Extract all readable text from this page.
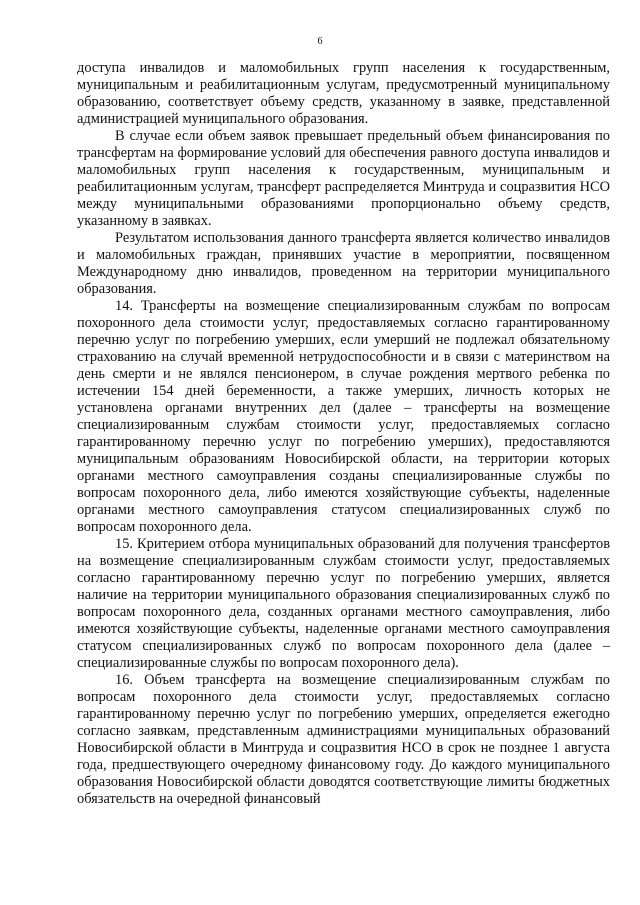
6

доступа инвалидов и маломобильных групп населения к государственным, муниципальным и реабилитационным услугам, предусмотренный муниципальному образованию, соответствует объему средств, указанному в заявке, представленной администрацией муниципального образования.

В случае если объем заявок превышает предельный объем финансирования по трансфертам на формирование условий для обеспечения равного доступа инвалидов и маломобильных групп населения к государственным, муниципальным и реабилитационным услугам, трансферт распределяется Минтруда и соцразвития НСО между муниципальными образованиями пропорционально объему средств, указанному в заявках.

Результатом использования данного трансферта является количество инвалидов и маломобильных граждан, принявших участие в мероприятии, посвященном Международному дню инвалидов, проведенном на территории муниципального образования.

14. Трансферты на возмещение специализированным службам по вопросам похоронного дела стоимости услуг, предоставляемых согласно гарантированному перечню услуг по погребению умерших, если умерший не подлежал обязательному страхованию на случай временной нетрудоспособности и в связи с материнством на день смерти и не являлся пенсионером, в случае рождения мертвого ребенка по истечении 154 дней беременности, а также умерших, личность которых не установлена органами внутренних дел (далее – трансферты на возмещение специализированным службам стоимости услуг, предоставляемых согласно гарантированному перечню услуг по погребению умерших), предоставляются муниципальным образованиям Новосибирской области, на территории которых органами местного самоуправления созданы специализированные службы по вопросам похоронного дела, либо имеются хозяйствующие субъекты, наделенные органами местного самоуправления статусом специализированных служб по вопросам похоронного дела.

15. Критерием отбора муниципальных образований для получения трансфертов на возмещение специализированным службам стоимости услуг, предоставляемых согласно гарантированному перечню услуг по погребению умерших, является наличие на территории муниципального образования специализированных служб по вопросам похоронного дела, созданных органами местного самоуправления, либо имеются хозяйствующие субъекты, наделенные органами местного самоуправления статусом специализированных служб по вопросам похоронного дела (далее – специализированные службы по вопросам похоронного дела).

16. Объем трансферта на возмещение специализированным службам по вопросам похоронного дела стоимости услуг, предоставляемых согласно гарантированному перечню услуг по погребению умерших, определяется ежегодно согласно заявкам, представленным администрациями муниципальных образований Новосибирской области в Минтруда и соцразвития НСО в срок не позднее 1 августа года, предшествующего очередному финансовому году. До каждого муниципального образования Новосибирской области доводятся соответствующие лимиты бюджетных обязательств на очередной финансовый
